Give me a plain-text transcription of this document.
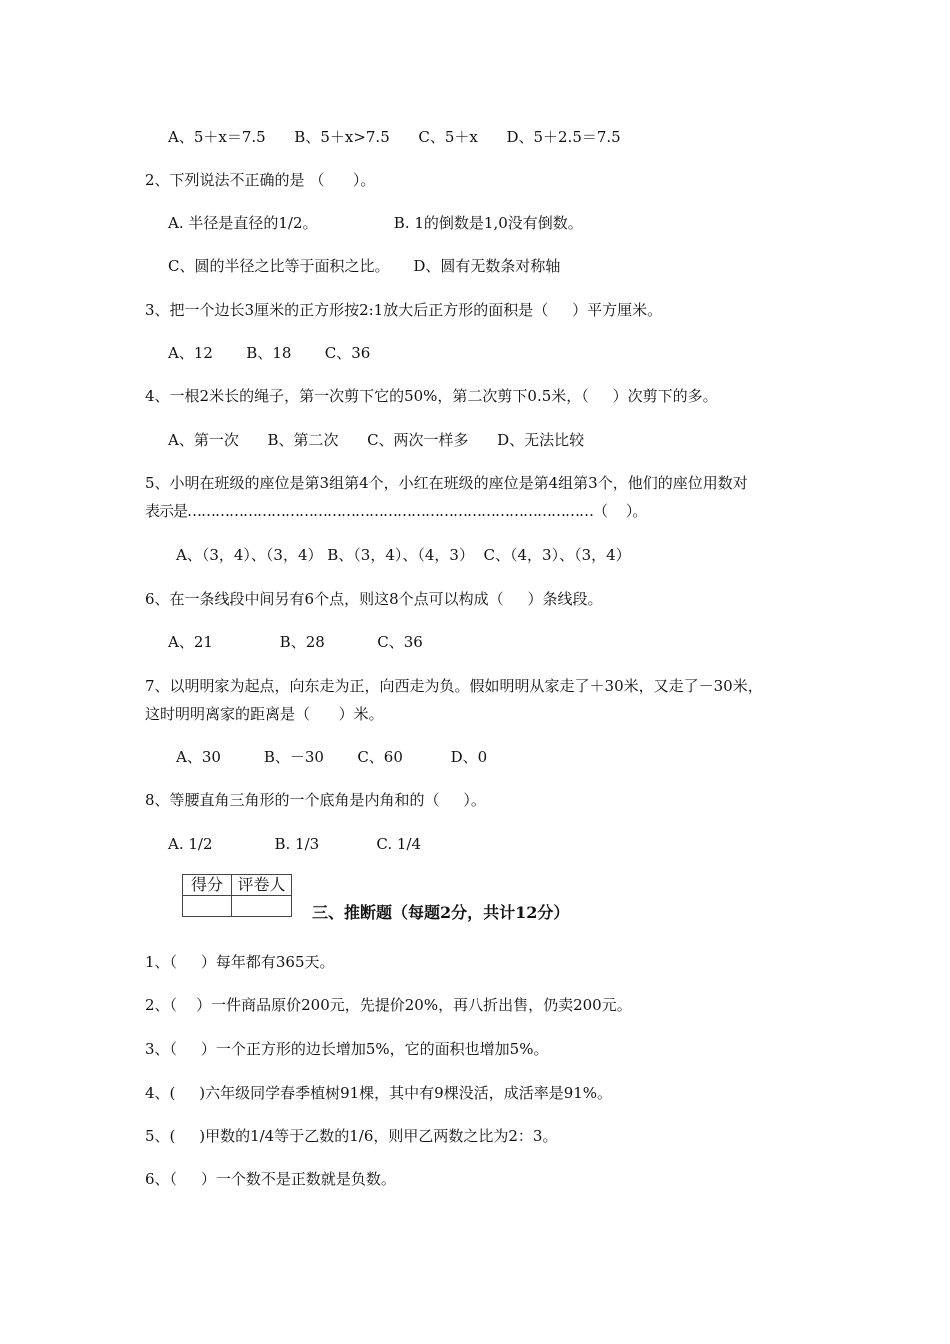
A、5＋x＝7.5      B、5＋x>7.5      C、5＋x      D、5＋2.5＝7.5
2、下列说法不正确的是 （      ）。
A. 半径是直径的1/2。                B. 1的倒数是1,0没有倒数。
C、圆的半径之比等于面积之比。     D、圆有无数条对称轴
3、把一个边长3厘米的正方形按2:1放大后正方形的面积是（     ）平方厘米。
A、12       B、18       C、36
4、一根2米长的绳子，第一次剪下它的50%，第二次剪下0.5米，（     ）次剪下的多。
A、第一次      B、第二次      C、两次一样多      D、无法比较
5、小明在班级的座位是第3组第4个，小红在班级的座位是第4组第3个，他们的座位用数对
表示是……………………………………………………………………………（     ）。
A、（3，4）、（3，4） B、（3，4）、（4，3）  C、（4，3）、（3，4）
6、在一条线段中间另有6个点，则这8个点可以构成（     ）条线段。
A、21              B、28           C、36
7、以明明家为起点，向东走为正，向西走为负。假如明明从家走了＋30米，又走了－30米，
这时明明离家的距离是（      ）米。
A、30         B、－30       C、60          D、0
8、等腰直角三角形的一个底角是内角和的（     ）。
A. 1/2             B. 1/3            C. 1/4
得分	评卷人

三、推断题（每题2分，共计12分）
1、（     ）每年都有365天。
2、（    ）一件商品原价200元，先提价20%，再八折出售，仍卖200元。
3、（     ）一个正方形的边长增加5%，它的面积也增加5%。
4、(     )六年级同学春季植树91棵，其中有9棵没活，成活率是91%。
5、(     )甲数的1/4等于乙数的1/6，则甲乙两数之比为2：3。
6、（     ）一个数不是正数就是负数。
